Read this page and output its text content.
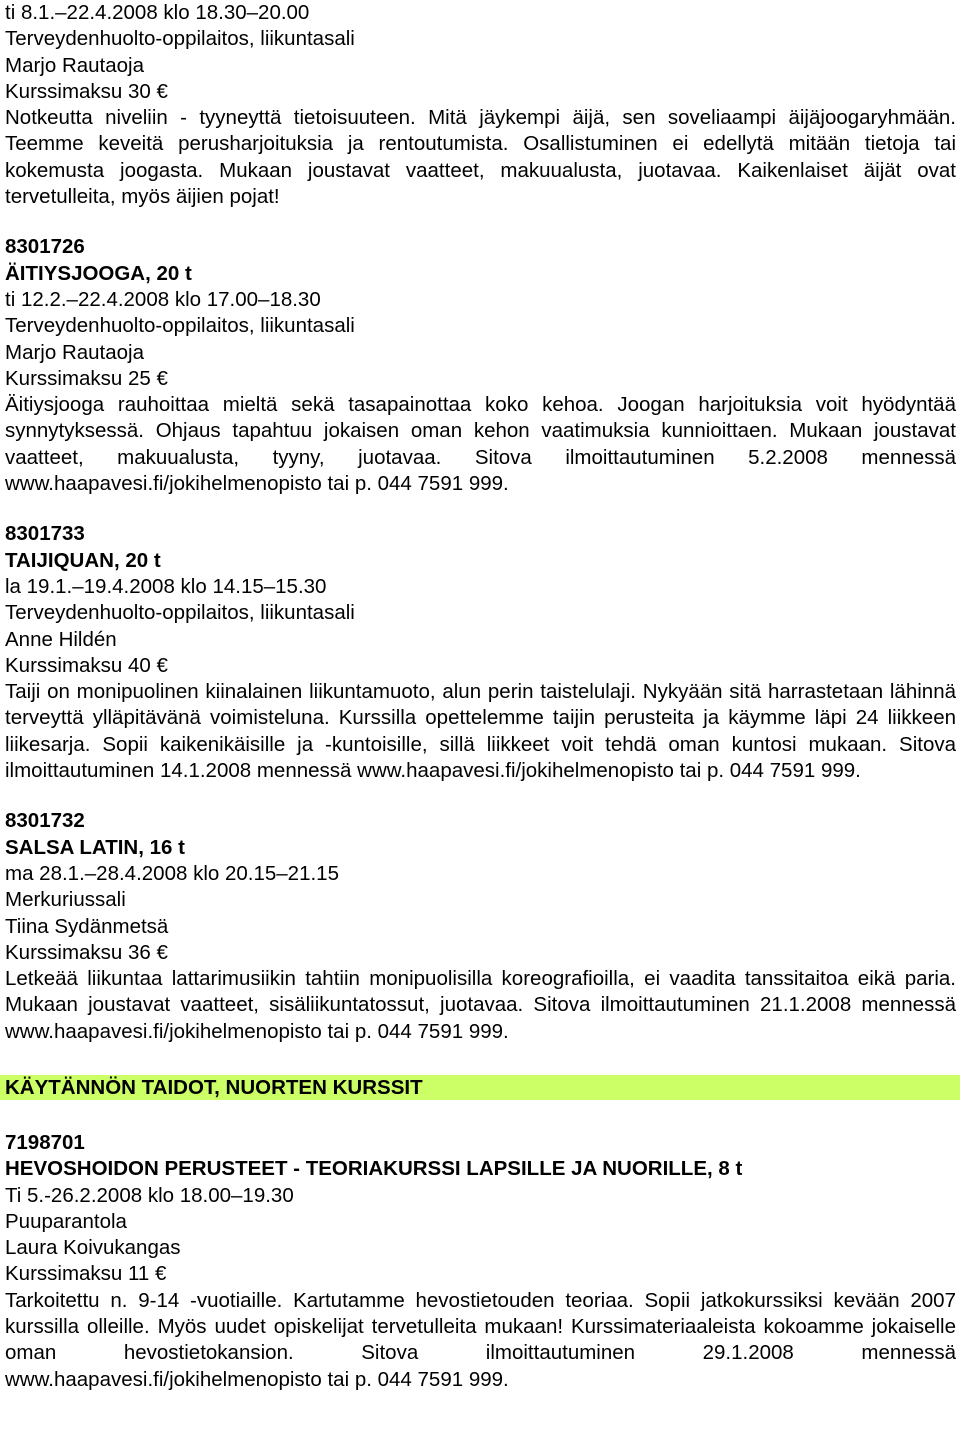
ti 8.1.–22.4.2008 klo 18.30–20.00
Terveydenhuolto-oppilaitos, liikuntasali
Marjo Rautaoja
Kurssimaksu 30 €
Notkeutta niveliin - tyyneyttä tietoisuuteen. Mitä jäykempi äijä, sen soveliaampi äijäjoogaryhmään. Teemme keveitä perusharjoituksia ja rentoutumista. Osallistuminen ei edellytä mitään tietoja tai kokemusta joogasta. Mukaan joustavat vaatteet, makuualusta, juotavaa. Kaikenlaiset äijät ovat tervetulleita, myös äijien pojat!
8301726
ÄITIYSJOOGA, 20 t
ti 12.2.–22.4.2008 klo 17.00–18.30
Terveydenhuolto-oppilaitos, liikuntasali
Marjo Rautaoja
Kurssimaksu 25 €
Äitiysjooga rauhoittaa mieltä sekä tasapainottaa koko kehoa. Joogan harjoituksia voit hyödyntää synnytyksessä. Ohjaus tapahtuu jokaisen oman kehon vaatimuksia kunnioittaen. Mukaan joustavat vaatteet, makuualusta, tyyny, juotavaa. Sitova ilmoittautuminen 5.2.2008 mennessä www.haapavesi.fi/jokihelmenopisto tai p. 044 7591 999.
8301733
TAIJIQUAN, 20 t
la 19.1.–19.4.2008 klo 14.15–15.30
Terveydenhuolto-oppilaitos, liikuntasali
Anne Hildén
Kurssimaksu 40 €
Taiji on monipuolinen kiinalainen liikuntamuoto, alun perin taistelulaji. Nykyään sitä harrastetaan lähinnä terveyttä ylläpitävänä voimisteluna. Kurssilla opettelemme taijin perusteita ja käymme läpi 24 liikkeen liikesarja. Sopii kaikenikäisille ja -kuntoisille, sillä liikkeet voit tehdä oman kuntosi mukaan. Sitova ilmoittautuminen 14.1.2008 mennessä www.haapavesi.fi/jokihelmenopisto tai p. 044 7591 999.
8301732
SALSA LATIN, 16 t
ma 28.1.–28.4.2008 klo 20.15–21.15
Merkuriussali
Tiina Sydänmetsä
Kurssimaksu 36 €
Letkeää liikuntaa lattarimusiikin tahtiin monipuolisilla koreografioilla, ei vaadita tanssitaitoa eikä paria. Mukaan joustavat vaatteet, sisäliikuntatossut, juotavaa. Sitova ilmoittautuminen 21.1.2008 mennessä www.haapavesi.fi/jokihelmenopisto tai p. 044 7591 999.
KÄYTÄNNÖN TAIDOT, NUORTEN KURSSIT
7198701
HEVOSHOIDON PERUSTEET - TEORIAKURSSI LAPSILLE JA NUORILLE, 8 t
Ti 5.-26.2.2008 klo 18.00–19.30
Puuparantola
Laura Koivukangas
Kurssimaksu 11 €
Tarkoitettu n. 9-14 -vuotiaille. Kartutamme hevostietouden teoriaa. Sopii jatkokurssiksi kevään 2007 kurssilla olleille. Myös uudet opiskelijat tervetulleita mukaan! Kurssimateriaaleista kokoamme jokaiselle oman hevostietokansion. Sitova ilmoittautuminen 29.1.2008 mennessä www.haapavesi.fi/jokihelmenopisto tai p. 044 7591 999.
